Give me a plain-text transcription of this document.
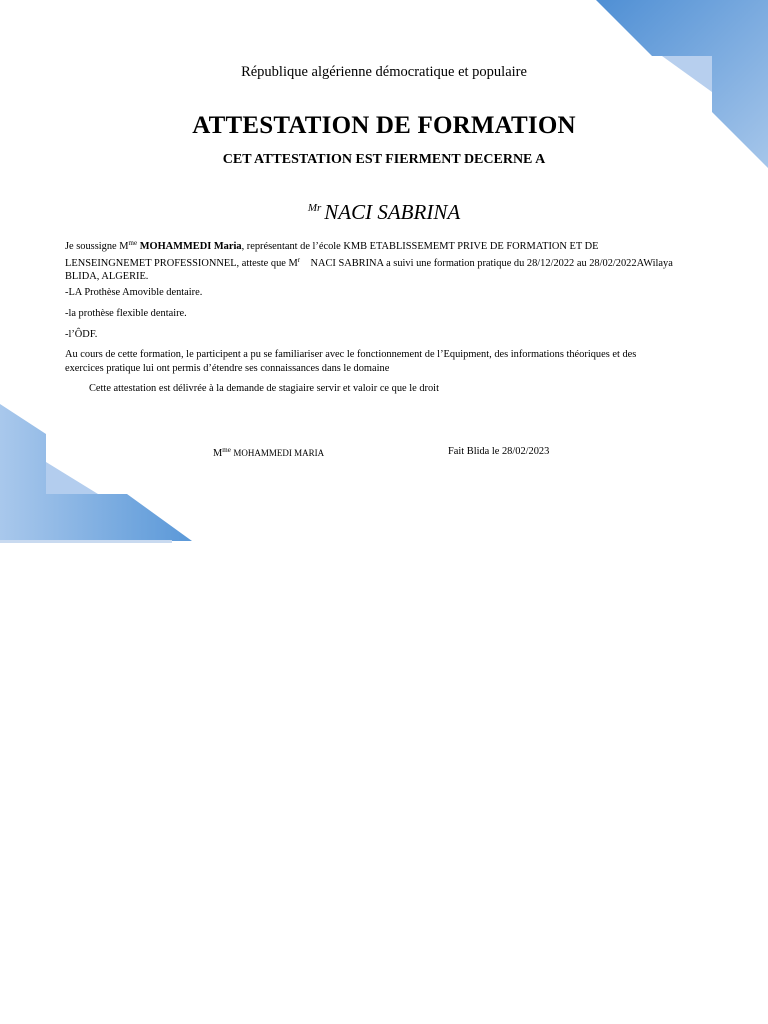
République algérienne démocratique et populaire
ATTESTATION DE FORMATION
CET ATTESTATION EST FIERMENT DECERNE A
$^{Mr}$ NACI SABRINA

Je soussigne $M^{me}$ MOHAMMEDI Maria, représentant de l’école KMB ETABLISSEMEMT PRIVE DE FORMATION ET DE LENSEINGNEMET PROFESSIONNEL, atteste que $M^r$    NACI SABRINA a suivi une formation pratique du 28/12/2022 au 28/02/2022AWilaya BLIDA, ALGERIE.

-LA Prothèse Amovible dentaire.

-la prothèse flexible dentaire.

-l’ÔDF.

Au cours de cette formation, le participent a pu se familiariser avec le fonctionnement de l’Equipment, des informations théoriques et des exercices pratique lui ont permis d’étendre ses connaissances dans le domaine

Cette attestation est délivrée à la demande de stagiaire servir et valoir ce que le droit

$M^{me}$ MOHAMMEDI MARIA	Fait Blida le 28/02/2023
